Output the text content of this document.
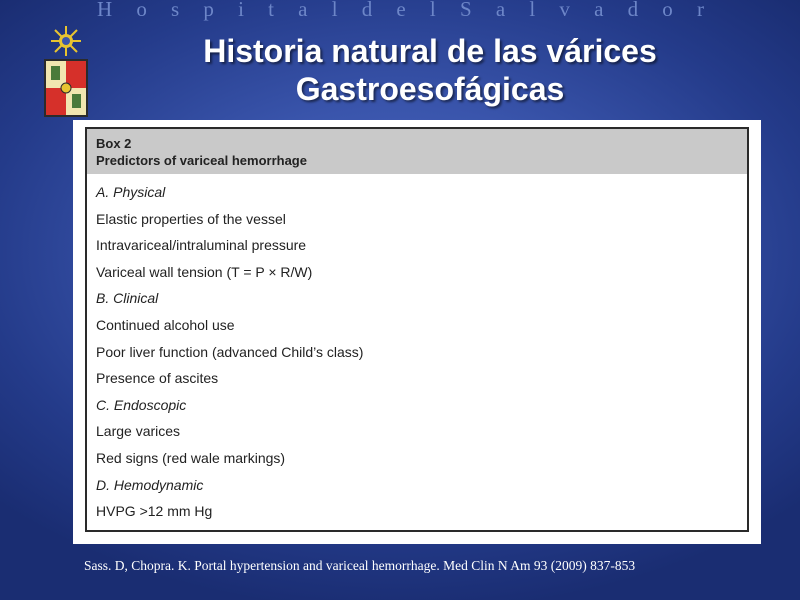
H o s p i t a l d e l S a l v a d o r
Historia natural de las várices
Gastroesofágicas
Box 2
Predictors of variceal hemorrhage
A. Physical
Elastic properties of the vessel
Intravariceal/intraluminal pressure
Variceal wall tension (T = P × R/W)
B. Clinical
Continued alcohol use
Poor liver function (advanced Child’s class)
Presence of ascites
C. Endoscopic
Large varices
Red signs (red wale markings)
D. Hemodynamic
HVPG >12 mm Hg
Sass. D, Chopra. K. Portal hypertension and variceal hemorrhage. Med Clin N Am 93 (2009) 837-853
